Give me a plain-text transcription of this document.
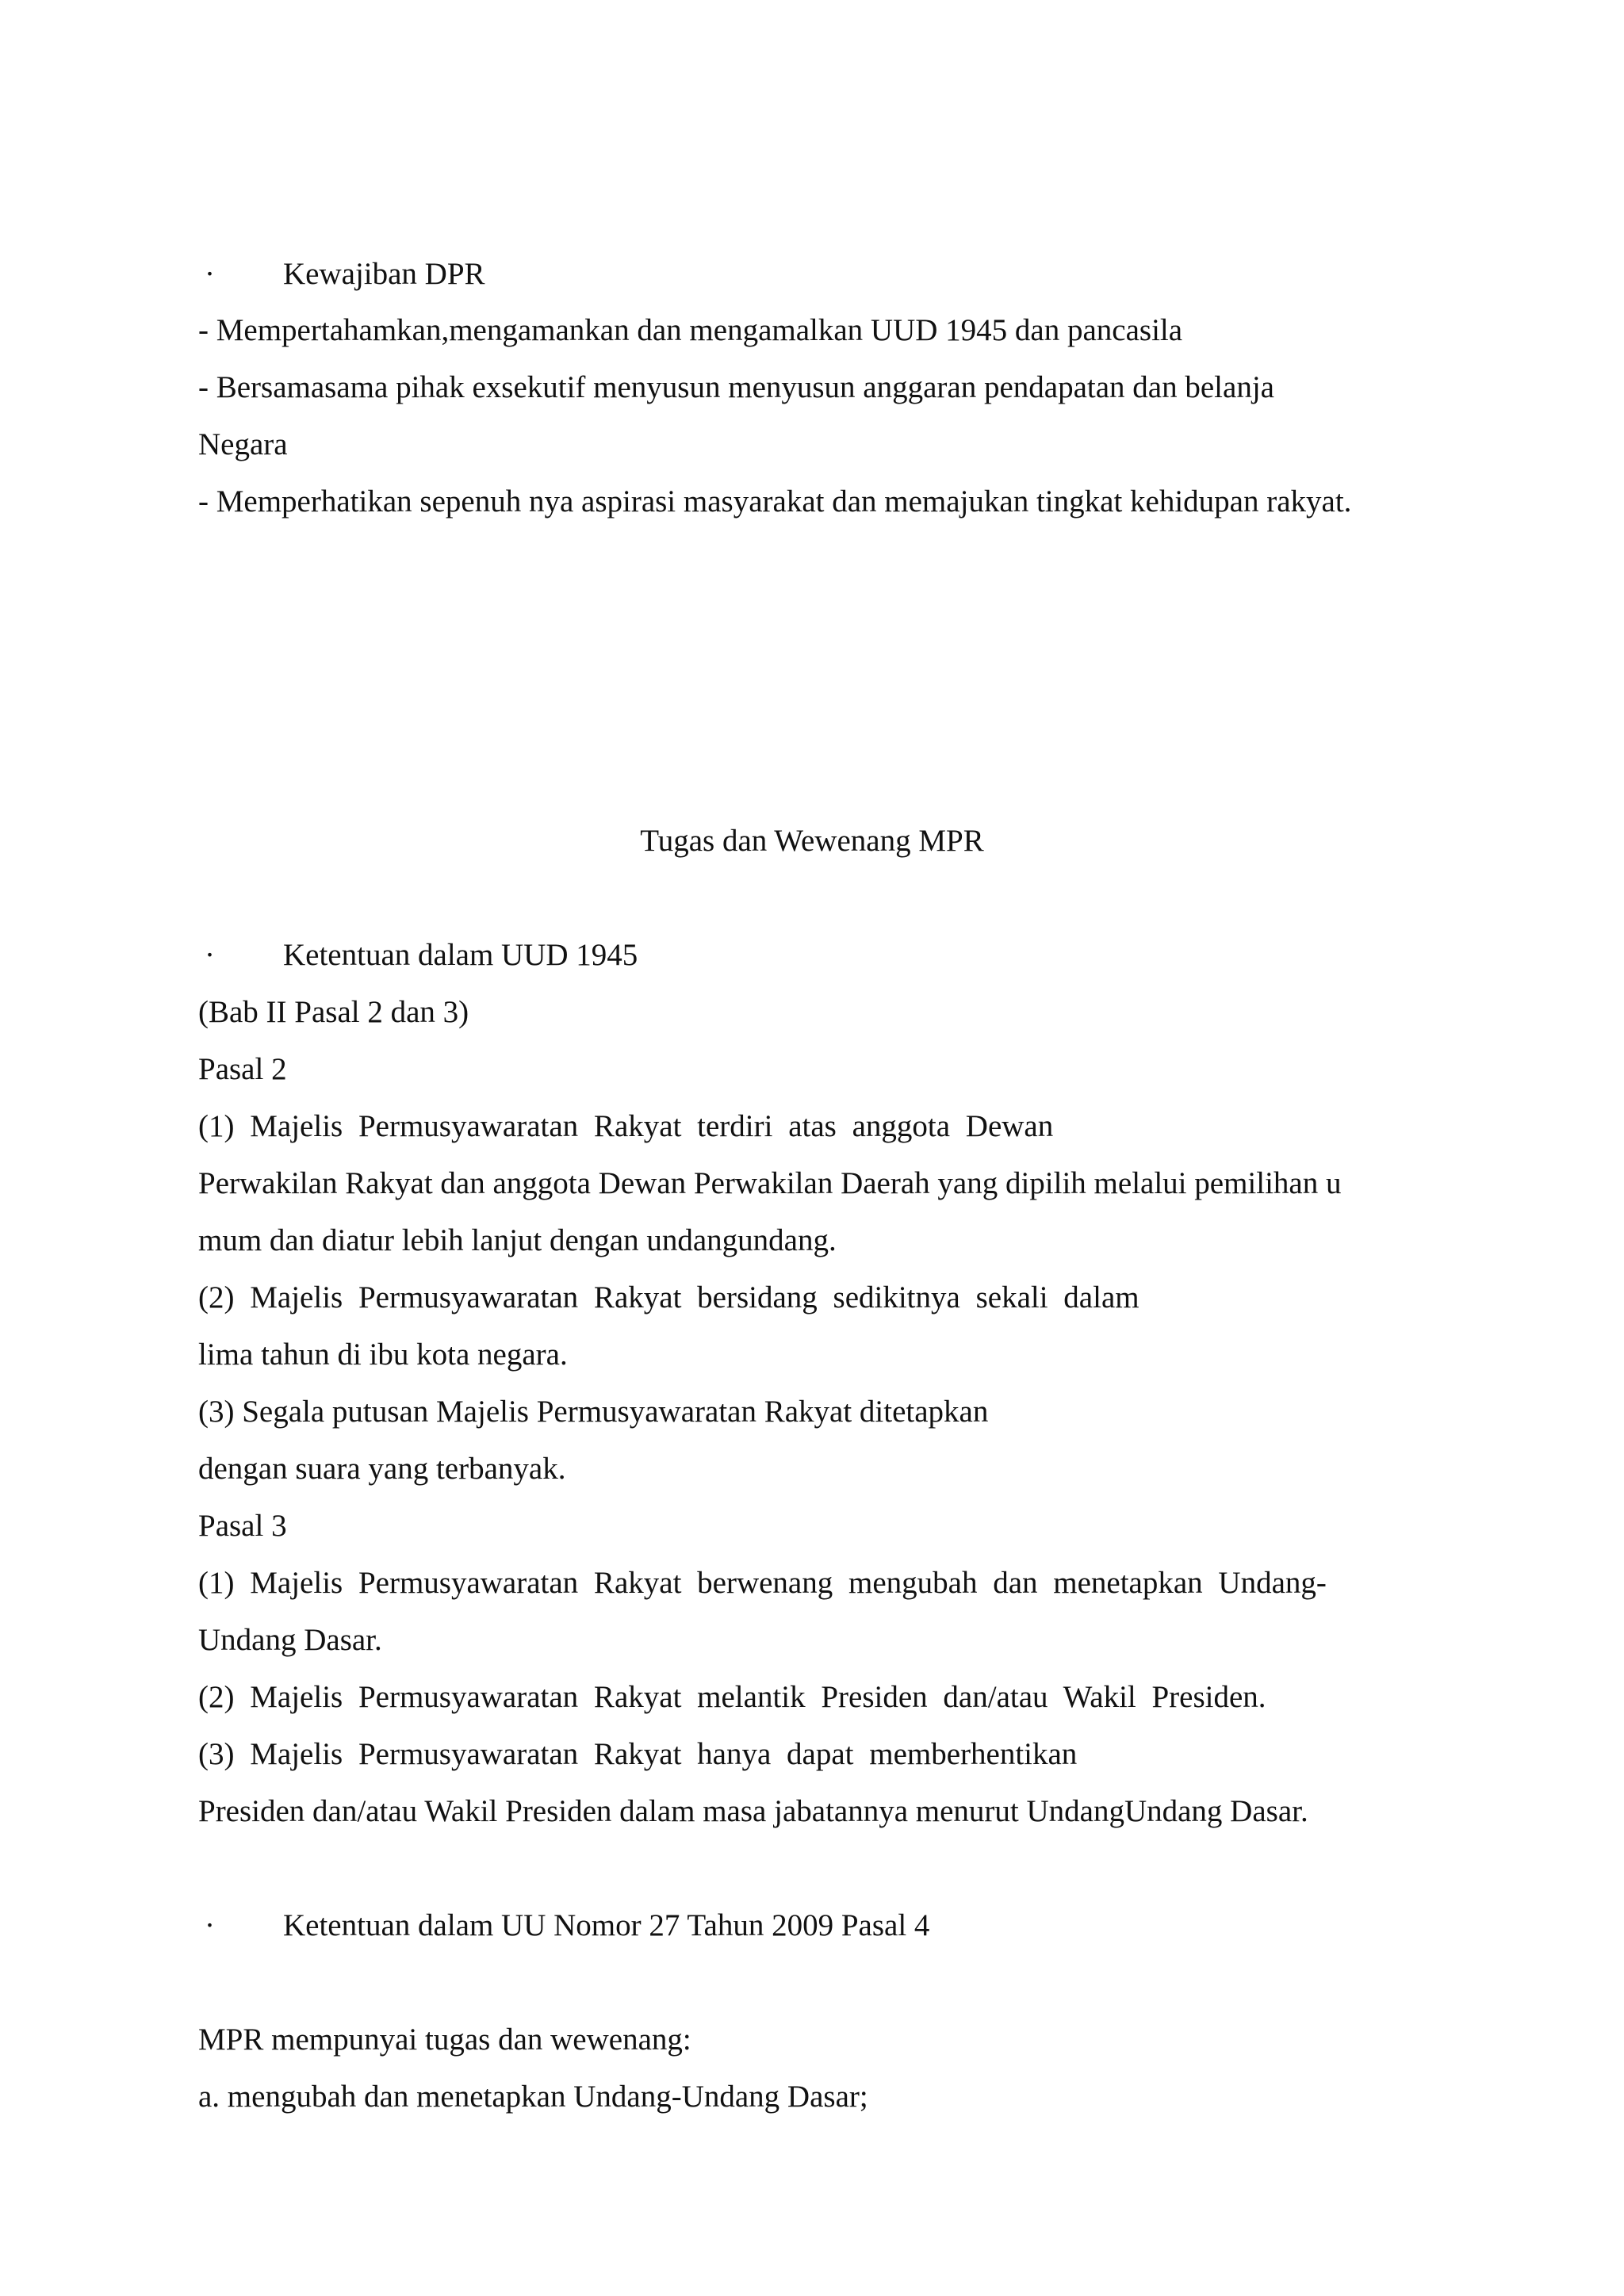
· Kewajiban DPR
- Mempertahamkan,mengamankan dan mengamalkan UUD 1945 dan pancasila
- Bersamasama pihak exsekutif menyusun menyusun anggaran pendapatan dan belanja
Negara
- Memperhatikan sepenuh nya aspirasi masyarakat dan memajukan tingkat kehidupan rakyat.
Tugas dan Wewenang MPR
· Ketentuan dalam UUD 1945
(Bab II Pasal 2 dan 3)
Pasal 2
(1) Majelis Permusyawaratan Rakyat terdiri atas anggota Dewan
Perwakilan Rakyat dan anggota Dewan Perwakilan Daerah yang dipilih melalui pemilihan u
mum dan diatur lebih lanjut dengan undangundang.
(2) Majelis Permusyawaratan Rakyat bersidang sedikitnya sekali dalam
lima tahun di ibu kota negara.
(3) Segala putusan Majelis Permusyawaratan Rakyat ditetapkan
dengan suara yang terbanyak.
Pasal 3
(1) Majelis Permusyawaratan Rakyat berwenang mengubah dan menetapkan Undang-
Undang Dasar.
(2) Majelis Permusyawaratan Rakyat melantik Presiden dan/atau Wakil Presiden.
(3) Majelis Permusyawaratan Rakyat hanya dapat memberhentikan
Presiden dan/atau Wakil Presiden dalam masa jabatannya menurut UndangUndang Dasar.
· Ketentuan dalam UU Nomor 27 Tahun 2009 Pasal 4
MPR mempunyai tugas dan wewenang:
a. mengubah dan menetapkan Undang-Undang Dasar;
